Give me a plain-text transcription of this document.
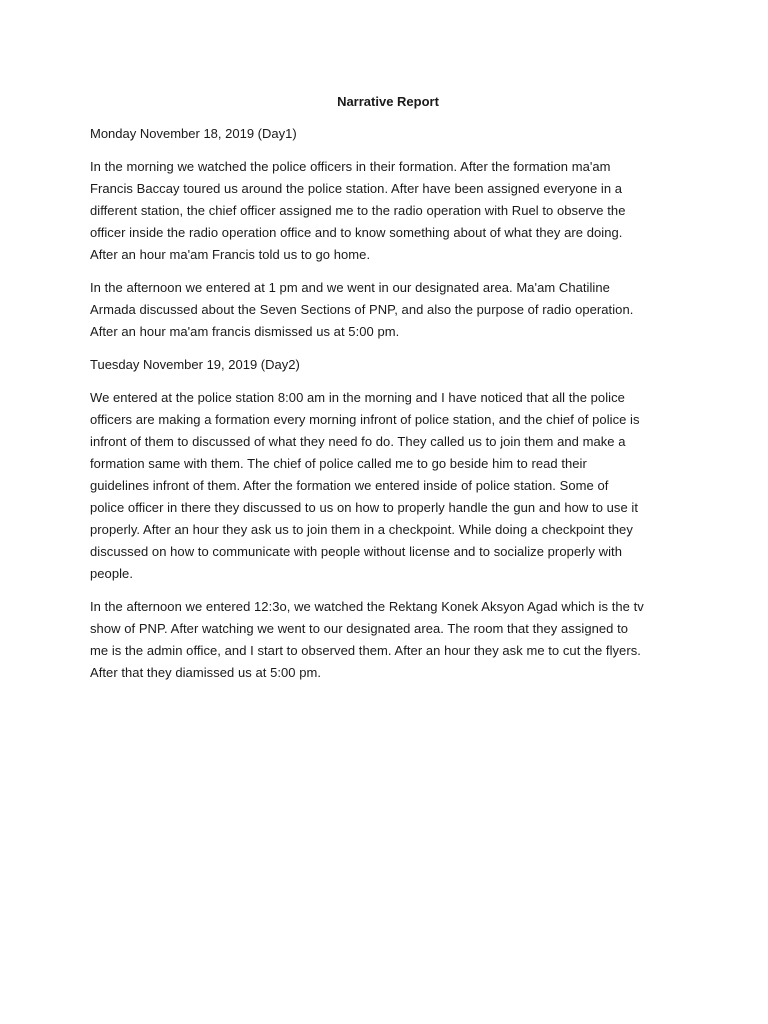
Narrative Report
Monday November 18, 2019 (Day1)
In the morning we watched the police officers in their formation. After the formation ma'am
Francis Baccay toured us around the police station. After have been assigned everyone in a
different station, the chief officer assigned me to the radio operation with Ruel to observe the
officer inside the radio operation office and to know something about of what they are doing.
After an hour ma'am Francis told us to go home.
In the afternoon we entered at 1 pm and we went in our designated area. Ma'am Chatiline
Armada discussed about the Seven Sections of PNP, and also the purpose of radio operation.
After an hour ma'am francis dismissed us at 5:00 pm.
Tuesday November 19, 2019 (Day2)
We entered at the police station 8:00 am in the morning and I have noticed that all the police
officers are making a formation every morning infront of police station, and the chief of police is
infront of them to discussed of what they need fo do. They called us to join them and make a
formation same with them. The chief of police called me to go beside him to read their
guidelines infront of them. After the formation we entered inside of police station. Some of
police officer in there they discussed to us on how to properly handle the gun and how to use it
properly. After an hour they ask us to join them in a checkpoint. While doing a checkpoint they
discussed on how to communicate with people without license and to socialize properly with
people.
In the afternoon we entered 12:3o, we watched the Rektang Konek Aksyon Agad which is the tv
show of PNP. After watching we went to our designated area. The room that they assigned to
me is the admin office, and I start to observed them. After an hour they ask me to cut the flyers.
After that they diamissed us at 5:00 pm.
